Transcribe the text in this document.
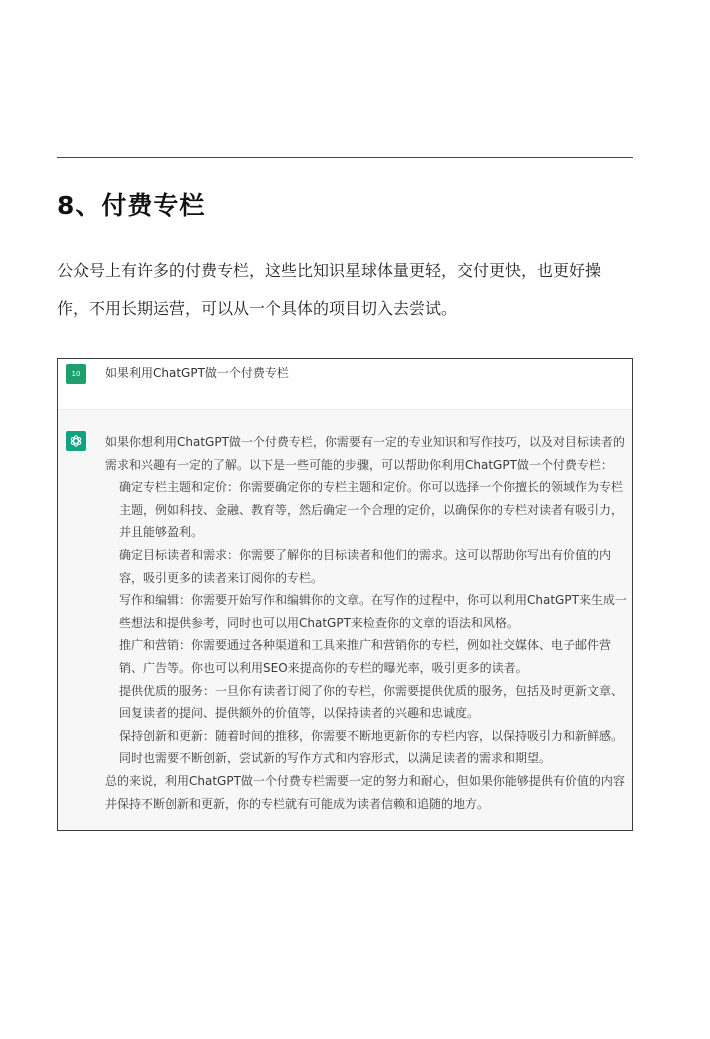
8、付费专栏

公众号上有许多的付费专栏，这些比知识星球体量更轻，交付更快，也更好操

作，不用长期运营，可以从一个具体的项目切入去尝试。

10	如果利用ChatGPT做一个付费专栏

如果你想利用ChatGPT做一个付费专栏，你需要有一定的专业知识和写作技巧，以及对目标读者的需求和兴趣有一定的了解。以下是一些可能的步骤，可以帮助你利用ChatGPT做一个付费专栏：

确定专栏主题和定价：你需要确定你的专栏主题和定价。你可以选择一个你擅长的领域作为专栏主题，例如科技、金融、教育等，然后确定一个合理的定价，以确保你的专栏对读者有吸引力，并且能够盈利。

确定目标读者和需求：你需要了解你的目标读者和他们的需求。这可以帮助你写出有价值的内容，吸引更多的读者来订阅你的专栏。

写作和编辑：你需要开始写作和编辑你的文章。在写作的过程中，你可以利用ChatGPT来生成一些想法和提供参考，同时也可以用ChatGPT来检查你的文章的语法和风格。

推广和营销：你需要通过各种渠道和工具来推广和营销你的专栏，例如社交媒体、电子邮件营销、广告等。你也可以利用SEO来提高你的专栏的曝光率，吸引更多的读者。

提供优质的服务：一旦你有读者订阅了你的专栏，你需要提供优质的服务，包括及时更新文章、回复读者的提问、提供额外的价值等，以保持读者的兴趣和忠诚度。

保持创新和更新：随着时间的推移，你需要不断地更新你的专栏内容，以保持吸引力和新鲜感。同时也需要不断创新，尝试新的写作方式和内容形式，以满足读者的需求和期望。

总的来说，利用ChatGPT做一个付费专栏需要一定的努力和耐心，但如果你能够提供有价值的内容并保持不断创新和更新，你的专栏就有可能成为读者信赖和追随的地方。
